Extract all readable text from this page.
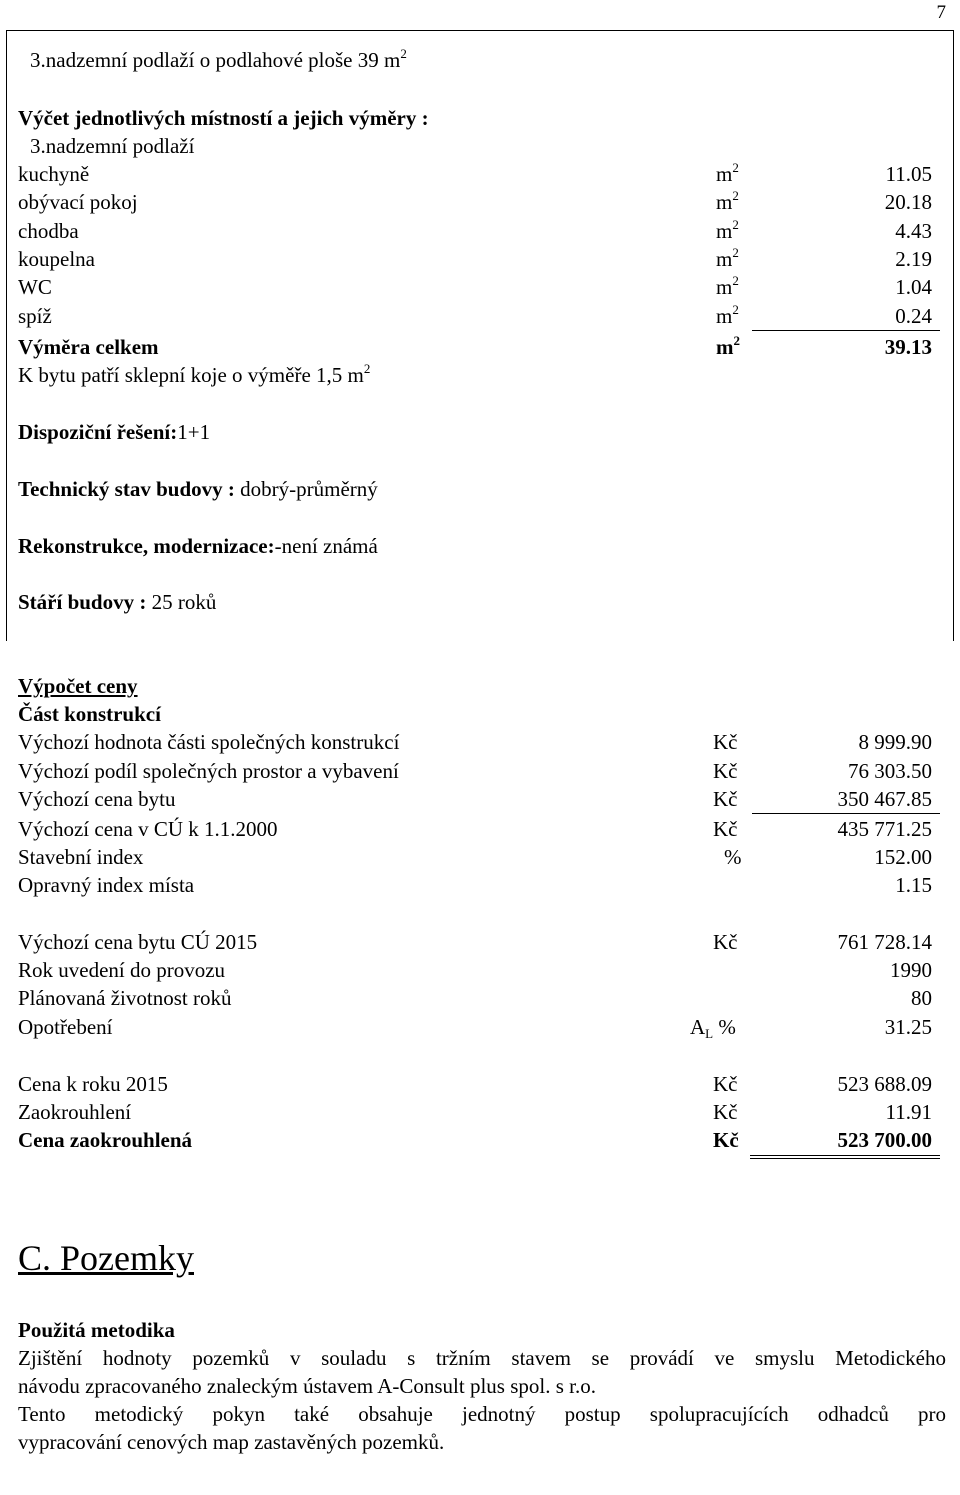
7
3.nadzemní podlaží o podlahové ploše 39 $m^2$
Výčet jednotlivých místností a jejich výměry :
3.nadzemní podlaží
kuchyně	$m^2$	11.05
obývací pokoj	$m^2$	20.18
chodba	$m^2$	4.43
koupelna	$m^2$	2.19
WC	$m^2$	1.04
spíž	$m^2$	0.24
Výměra celkem	$m^2$	39.13
K bytu patří sklepní koje o výměře 1,5 $m^2$
Dispoziční řešení:1+1
Technický stav budovy : dobrý-průměrný
Rekonstrukce, modernizace:-není známá
Stáří budovy : 25 roků
Výpočet ceny
Část konstrukcí
Výchozí hodnota části společných konstrukcí	Kč	8 999.90
Výchozí podíl společných prostor a vybavení	Kč	76 303.50
Výchozí cena bytu	Kč	350 467.85
Výchozí cena v CÚ k 1.1.2000	Kč	435 771.25
Stavební index	%	152.00
Opravný index místa	1.15
Výchozí cena bytu CÚ 2015	Kč	761 728.14
Rok uvedení do provozu	1990
Plánovaná životnost roků	80
Opotřebení	$A_L$ %	31.25
Cena k roku 2015	Kč	523 688.09
Zaokrouhlení	Kč	11.91
Cena zaokrouhlená	Kč	523 700.00
C. Pozemky
Použitá metodika
Zjištění hodnoty pozemků v souladu s tržním stavem se provádí ve smyslu Metodického
návodu zpracovaného znaleckým ústavem A-Consult plus spol. s r.o.
Tento metodický pokyn také obsahuje jednotný postup spolupracujících odhadců pro
vypracování cenových map zastavěných pozemků.
